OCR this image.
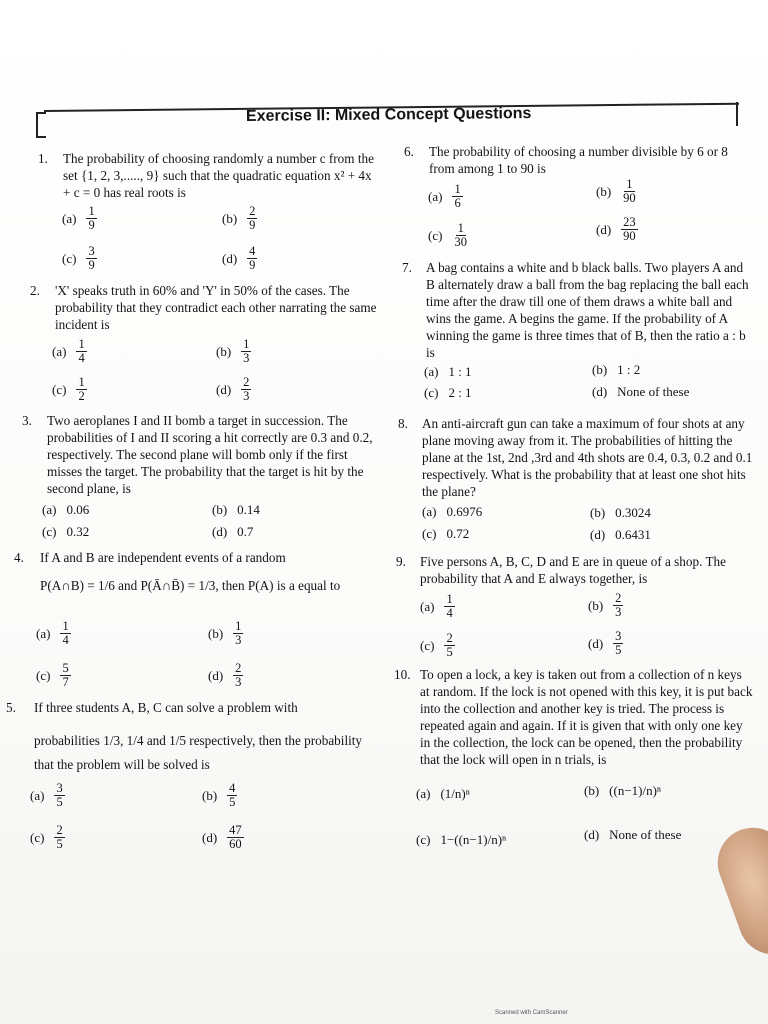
Exercise II: Mixed Concept Questions
1. The probability of choosing randomly a number c from the set {1, 2, 3,....., 9} such that the quadratic equation x² + 4x + c = 0 has real roots is
$(a) \frac{1}{9}$	$(b) \frac{2}{9}$
$(c) \frac{3}{9}$	$(d) \frac{4}{9}$
2. 'X' speaks truth in 60% and 'Y' in 50% of the cases. The probability that they contradict each other narrating the same incident is
$(a) \frac{1}{4}$	$(b) \frac{1}{3}$
$(c) \frac{1}{2}$	$(d) \frac{2}{3}$
3. Two aeroplanes I and II bomb a target in succession. The probabilities of I and II scoring a hit correctly are 0.3 and 0.2, respectively. The second plane will bomb only if the first misses the target. The probability that the target is hit by the second plane, is
(a) 0.06	(b) 0.14
(c) 0.32	(d) 0.7
4. If A and B are independent events of a random
P(A∩B) = 1/6 and P(Ā∩B̄) = 1/3, then P(A) is a equal to
$(a) \frac{1}{4}$	$(b) \frac{1}{3}$
$(c) \frac{5}{7}$	$(d) \frac{2}{3}$
5. If three students A, B, C can solve a problem with
probabilities 1/3, 1/4 and 1/5 respectively, then the probability
that the problem will be solved is
$(a) \frac{3}{5}$	$(b) \frac{4}{5}$
$(c) \frac{2}{5}$	$(d) \frac{47}{60}$
6. The probability of choosing a number divisible by 6 or 8 from among 1 to 90 is
$(a) \frac{1}{6}$	$(b) \frac{1}{90}$
$(c) \frac{1}{30}$	$(d) \frac{23}{90}$
7. A bag contains a white and b black balls. Two players A and B alternately draw a ball from the bag replacing the ball each time after the draw till one of them draws a white ball and wins the game. A begins the game. If the probability of A winning the game is three times that of B, then the ratio a : b is
(a) 1 : 1	(b) 1 : 2
(c) 2 : 1	(d) None of these
8. An anti-aircraft gun can take a maximum of four shots at any plane moving away from it. The probabilities of hitting the plane at the 1st, 2nd ,3rd and 4th shots are 0.4, 0.3, 0.2 and 0.1 respectively. What is the probability that at least one shot hits the plane?
(a) 0.6976	(b) 0.3024
(c) 0.72	(d) 0.6431
9. Five persons A, B, C, D and E are in queue of a shop. The probability that A and E always together, is
$(a) \frac{1}{4}$	$(b) \frac{2}{3}$
$(c) \frac{2}{5}$	$(d) \frac{3}{5}$
10. To open a lock, a key is taken out from a collection of n keys at random. If the lock is not opened with this key, it is put back into the collection and another key is tried. The process is repeated again and again. If it is given that with only one key in the collection, the lock can be opened, then the probability that the lock will open in n trials, is
(a) (1/n)ⁿ	(b) ((n−1)/n)ⁿ
(c) 1−((n−1)/n)ⁿ	(d) None of these
Scanned with CamScanner
